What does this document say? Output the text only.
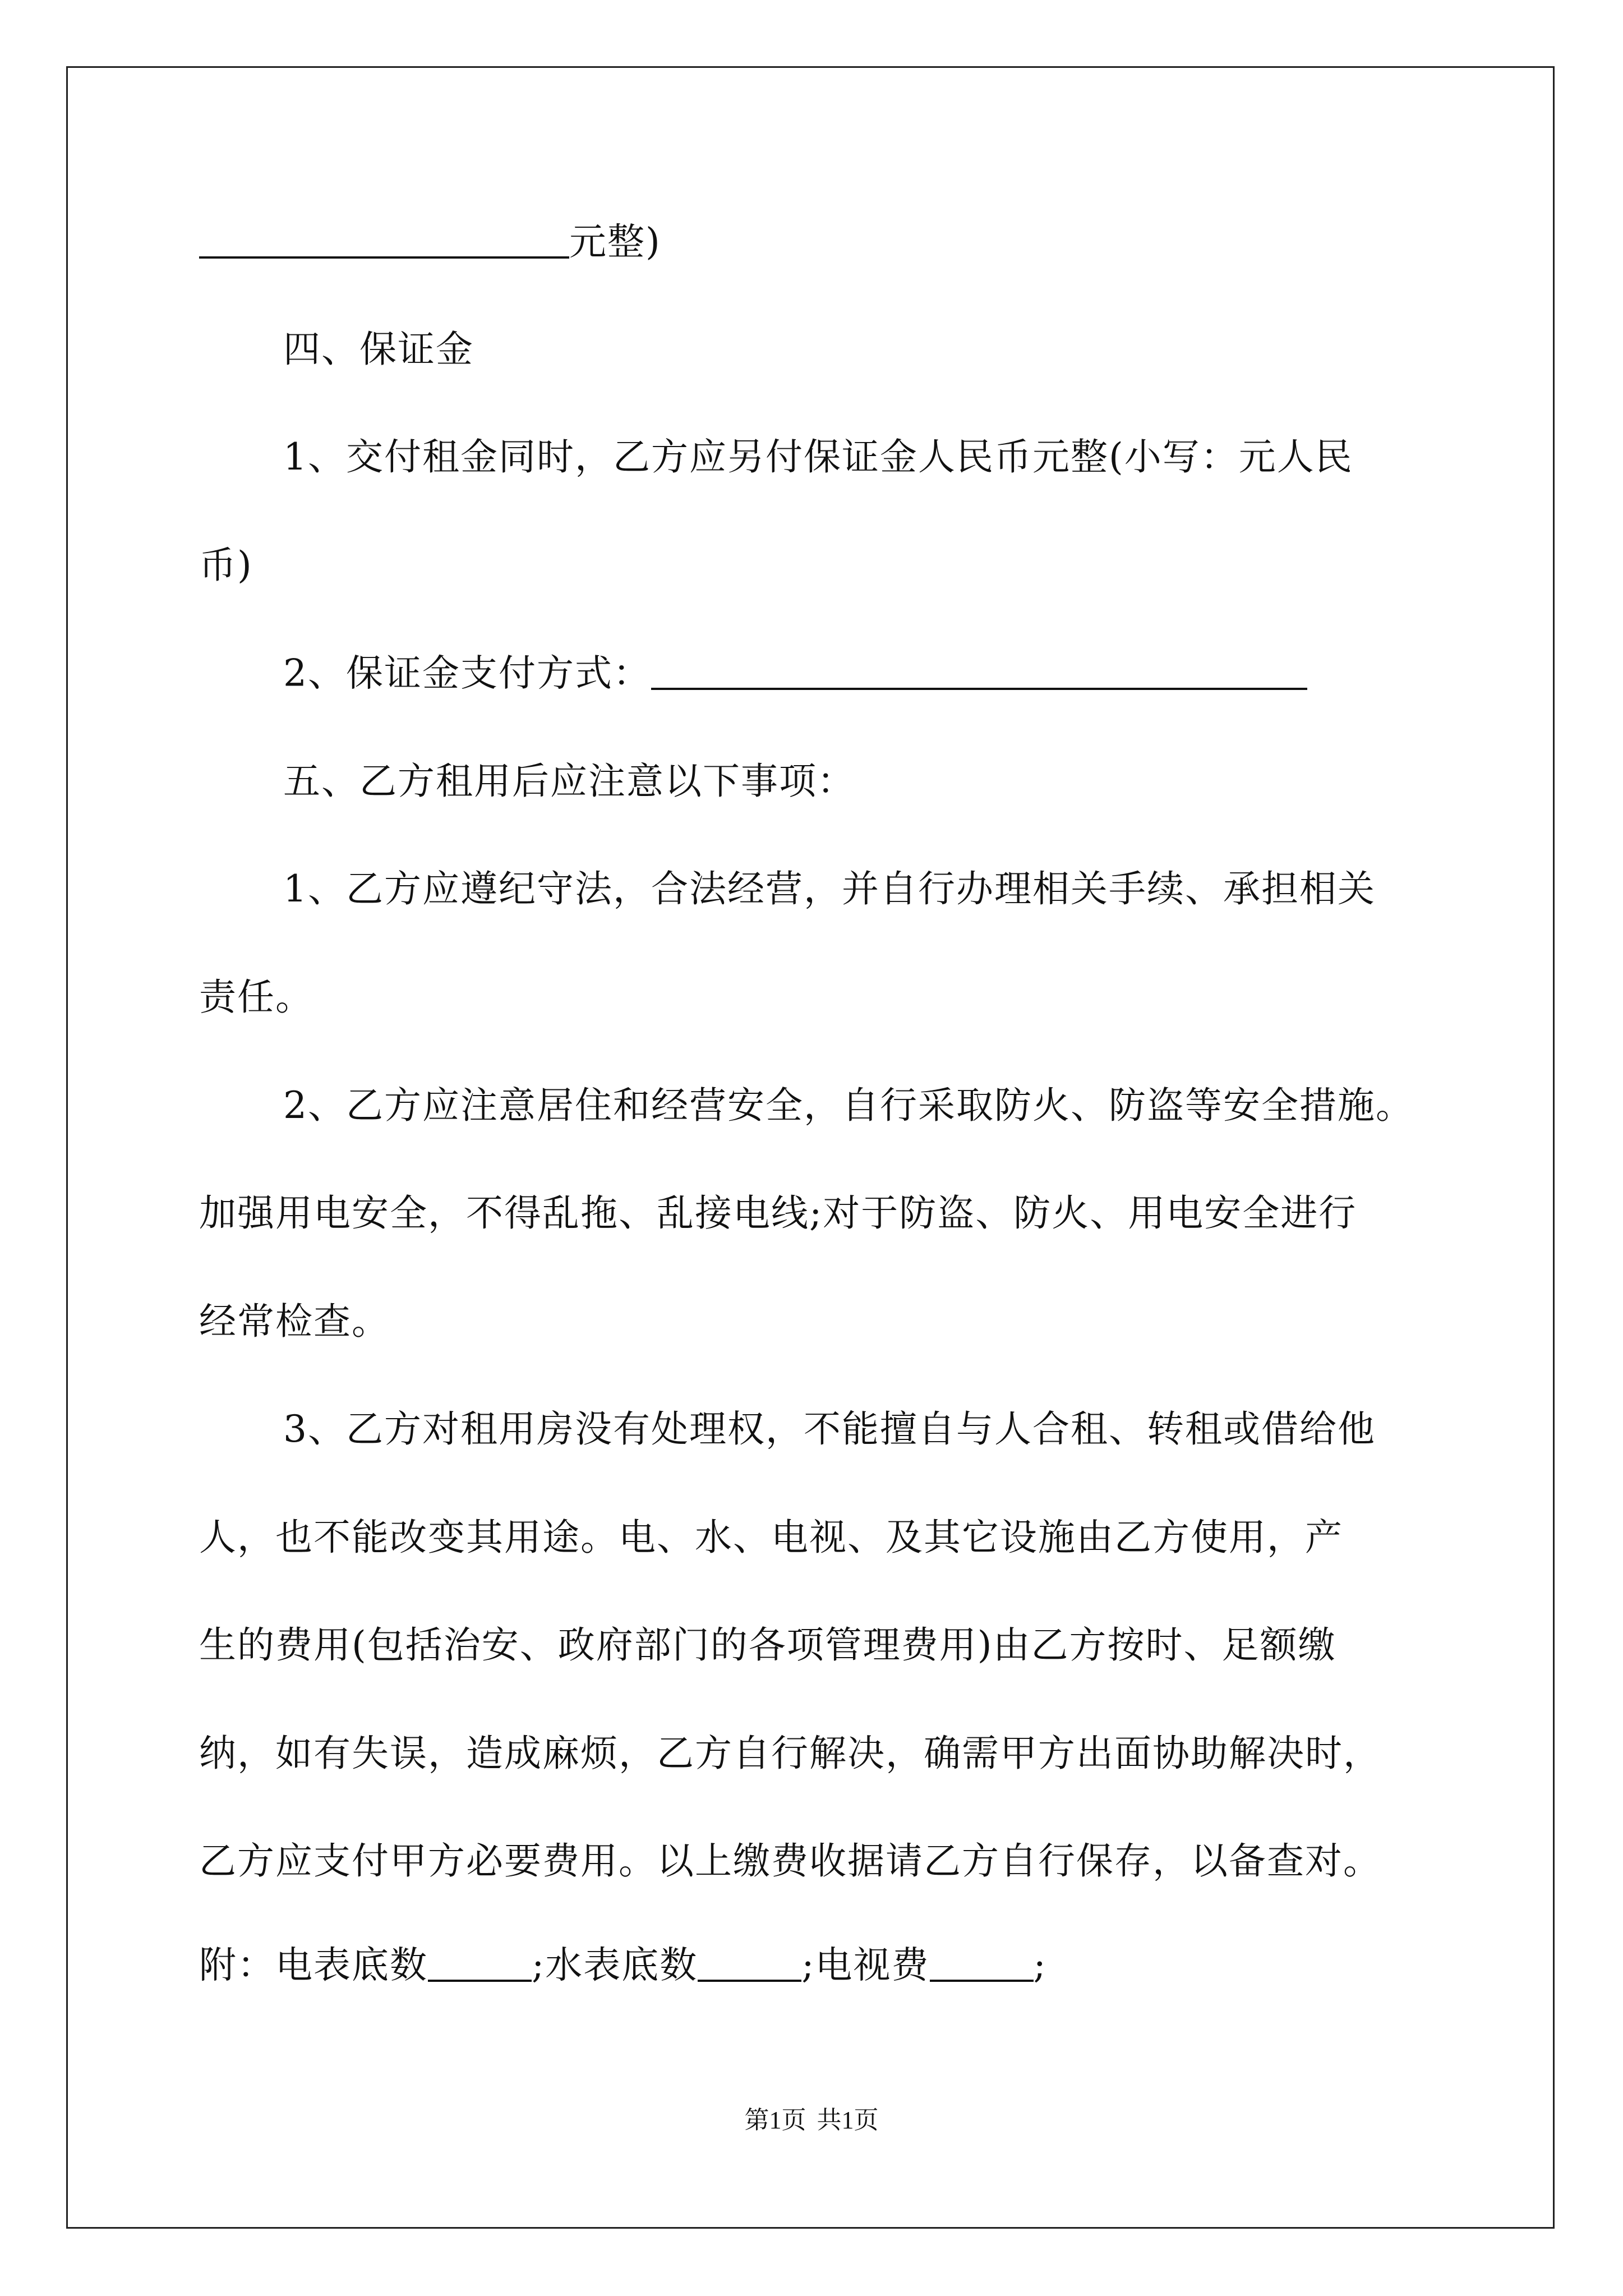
元整)
四、保证金
1、交付租金同时，乙方应另付保证金人民币元整(小写：元人民
币)
2、保证金支付方式：
五、乙方租用后应注意以下事项：
1、乙方应遵纪守法，合法经营，并自行办理相关手续、承担相关
责任。
2、乙方应注意居住和经营安全，自行采取防火、防盗等安全措施。
加强用电安全，不得乱拖、乱接电线;对于防盗、防火、用电安全进行
经常检查。
3、乙方对租用房没有处理权，不能擅自与人合租、转租或借给他
人，也不能改变其用途。电、水、电视、及其它设施由乙方使用，产
生的费用(包括治安、政府部门的各项管理费用)由乙方按时、足额缴
纳，如有失误，造成麻烦，乙方自行解决，确需甲方出面协助解决时，
乙方应支付甲方必要费用。以上缴费收据请乙方自行保存，以备查对。
附：电表底数	;水表底数	;电视费	;
第1页 共1页
